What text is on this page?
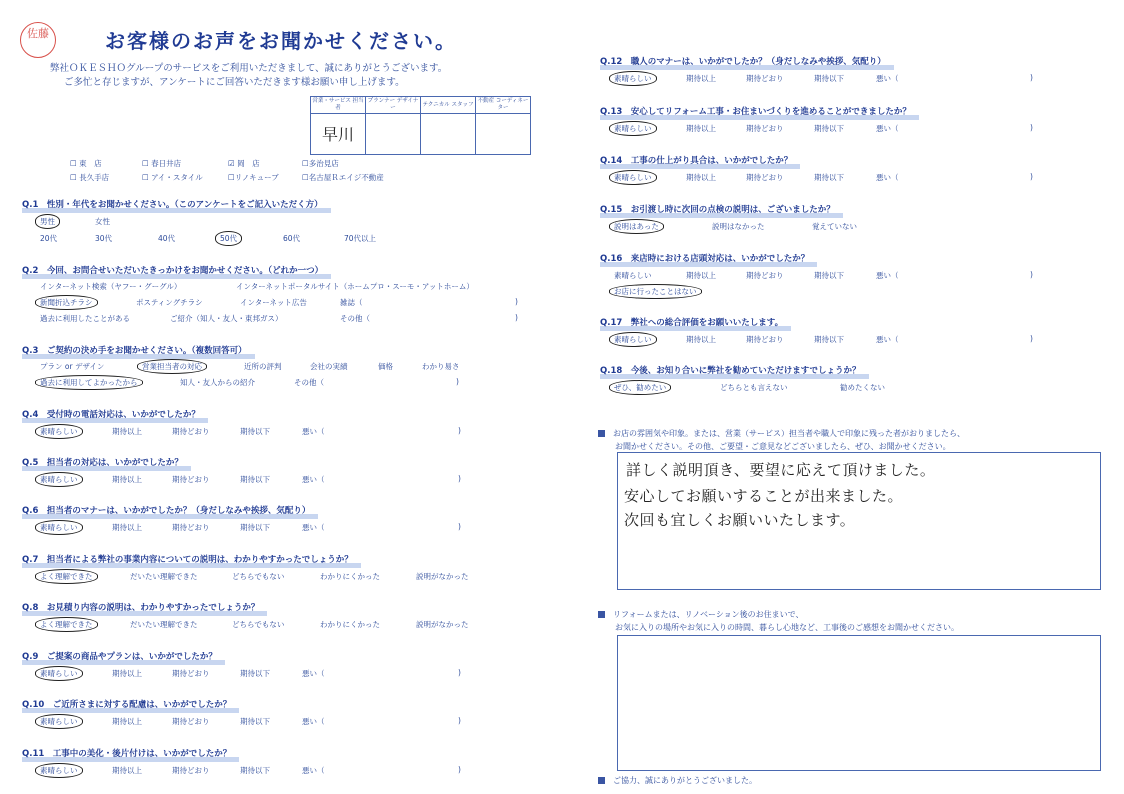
佐藤	お客様のお声をお聞かせください。
弊社ＯＫＥＳＨＯグループのサービスをご利用いただきまして、誠にありがとうございます。
ご多忙と存じますが、アンケートにご回答いただきます様お願い申し上げます。
営業・サービス 担当者	プランナー デザイナー	テクニカル スタッフ	不動産 コーディネーター
早川			
☐ 東　店	☐ 春日井店	☑ 岡　店	☐多治見店
☐ 長久手店	☐ アイ・スタイル	☐リノキューブ	☐名古屋Ｒエイジ不動産
Q.1　性別・年代をお聞かせください。（このアンケートをご記入いただく方）
男性	女性
20代	30代	40代	50代	60代	70代以上
Q.2　今回、お問合せいただいたきっかけをお聞かせください。（どれか一つ）
インターネット検索（ヤフー・グーグル）	インターネットポータルサイト（ホームプロ・スーモ・アットホーム）
新聞折込チラシ	ポスティングチラシ	インターネット広告	雑誌（	)
過去に利用したことがある	ご紹介（知人・友人・東邦ガス）	その他（	)
Q.3　ご契約の決め手をお聞かせください。（複数回答可）
プラン or デザイン	営業担当者の対応	近所の評判	会社の実績	価格	わかり易さ
過去に利用してよかったから	知人・友人からの紹介	その他（	)
Q.4　受付時の電話対応は、いかがでしたか？
素晴らしい	期待以上	期待どおり	期待以下	悪い（	)
Q.5　担当者の対応は、いかがでしたか？
素晴らしい	期待以上	期待どおり	期待以下	悪い（	)
Q.6　担当者のマナーは、いかがでしたか？（身だしなみや挨拶、気配り）
素晴らしい	期待以上	期待どおり	期待以下	悪い（	)
Q.7　担当者による弊社の事業内容についての説明は、わかりやすかったでしょうか？
よく理解できた	だいたい理解できた	どちらでもない	わかりにくかった	説明がなかった
Q.8　お見積り内容の説明は、わかりやすかったでしょうか？
よく理解できた	だいたい理解できた	どちらでもない	わかりにくかった	説明がなかった
Q.9　ご提案の商品やプランは、いかがでしたか？
素晴らしい	期待以上	期待どおり	期待以下	悪い（	)
Q.10　ご近所さまに対する配慮は、いかがでしたか？
素晴らしい	期待以上	期待どおり	期待以下	悪い（	)
Q.11　工事中の美化・後片付けは、いかがでしたか？
素晴らしい	期待以上	期待どおり	期待以下	悪い（	)
Q.12　職人のマナーは、いかがでしたか？（身だしなみや挨拶、気配り）
素晴らしい	期待以上	期待どおり	期待以下	悪い（	)
Q.13　安心してリフォーム工事・お住まいづくりを進めることができましたか？
素晴らしい	期待以上	期待どおり	期待以下	悪い（	)
Q.14　工事の仕上がり具合は、いかがでしたか？
素晴らしい	期待以上	期待どおり	期待以下	悪い（	)
Q.15　お引渡し時に次回の点検の説明は、ございましたか？
説明はあった	説明はなかった	覚えていない
Q.16　来店時における店頭対応は、いかがでしたか？
素晴らしい	期待以上	期待どおり	期待以下	悪い（	)
Q.17　弊社への総合評価をお願いいたします。
素晴らしい	期待以上	期待どおり	期待以下	悪い（	)
Q.18　今後、お知り合いに弊社を勧めていただけますでしょうか？
ぜひ、勧めたい	どちらとも言えない	勧めたくない
お店に行ったことはない
お店の雰囲気や印象。または、営業（サービス）担当者や職人で印象に残った者がおりましたら、
お聞かせください。その他、ご要望・ご意見などございましたら、ぜひ、お聞かせください。
詳しく説明頂き、要望に応えて頂けました。
安心してお願いすることが出来ました。
次回も宜しくお願いいたします。
リフォームまたは、リノベーション後のお住まいで、
お気に入りの場所やお気に入りの時間、暮らし心地など、工事後のご感想をお聞かせください。
ご協力、誠にありがとうございました。
